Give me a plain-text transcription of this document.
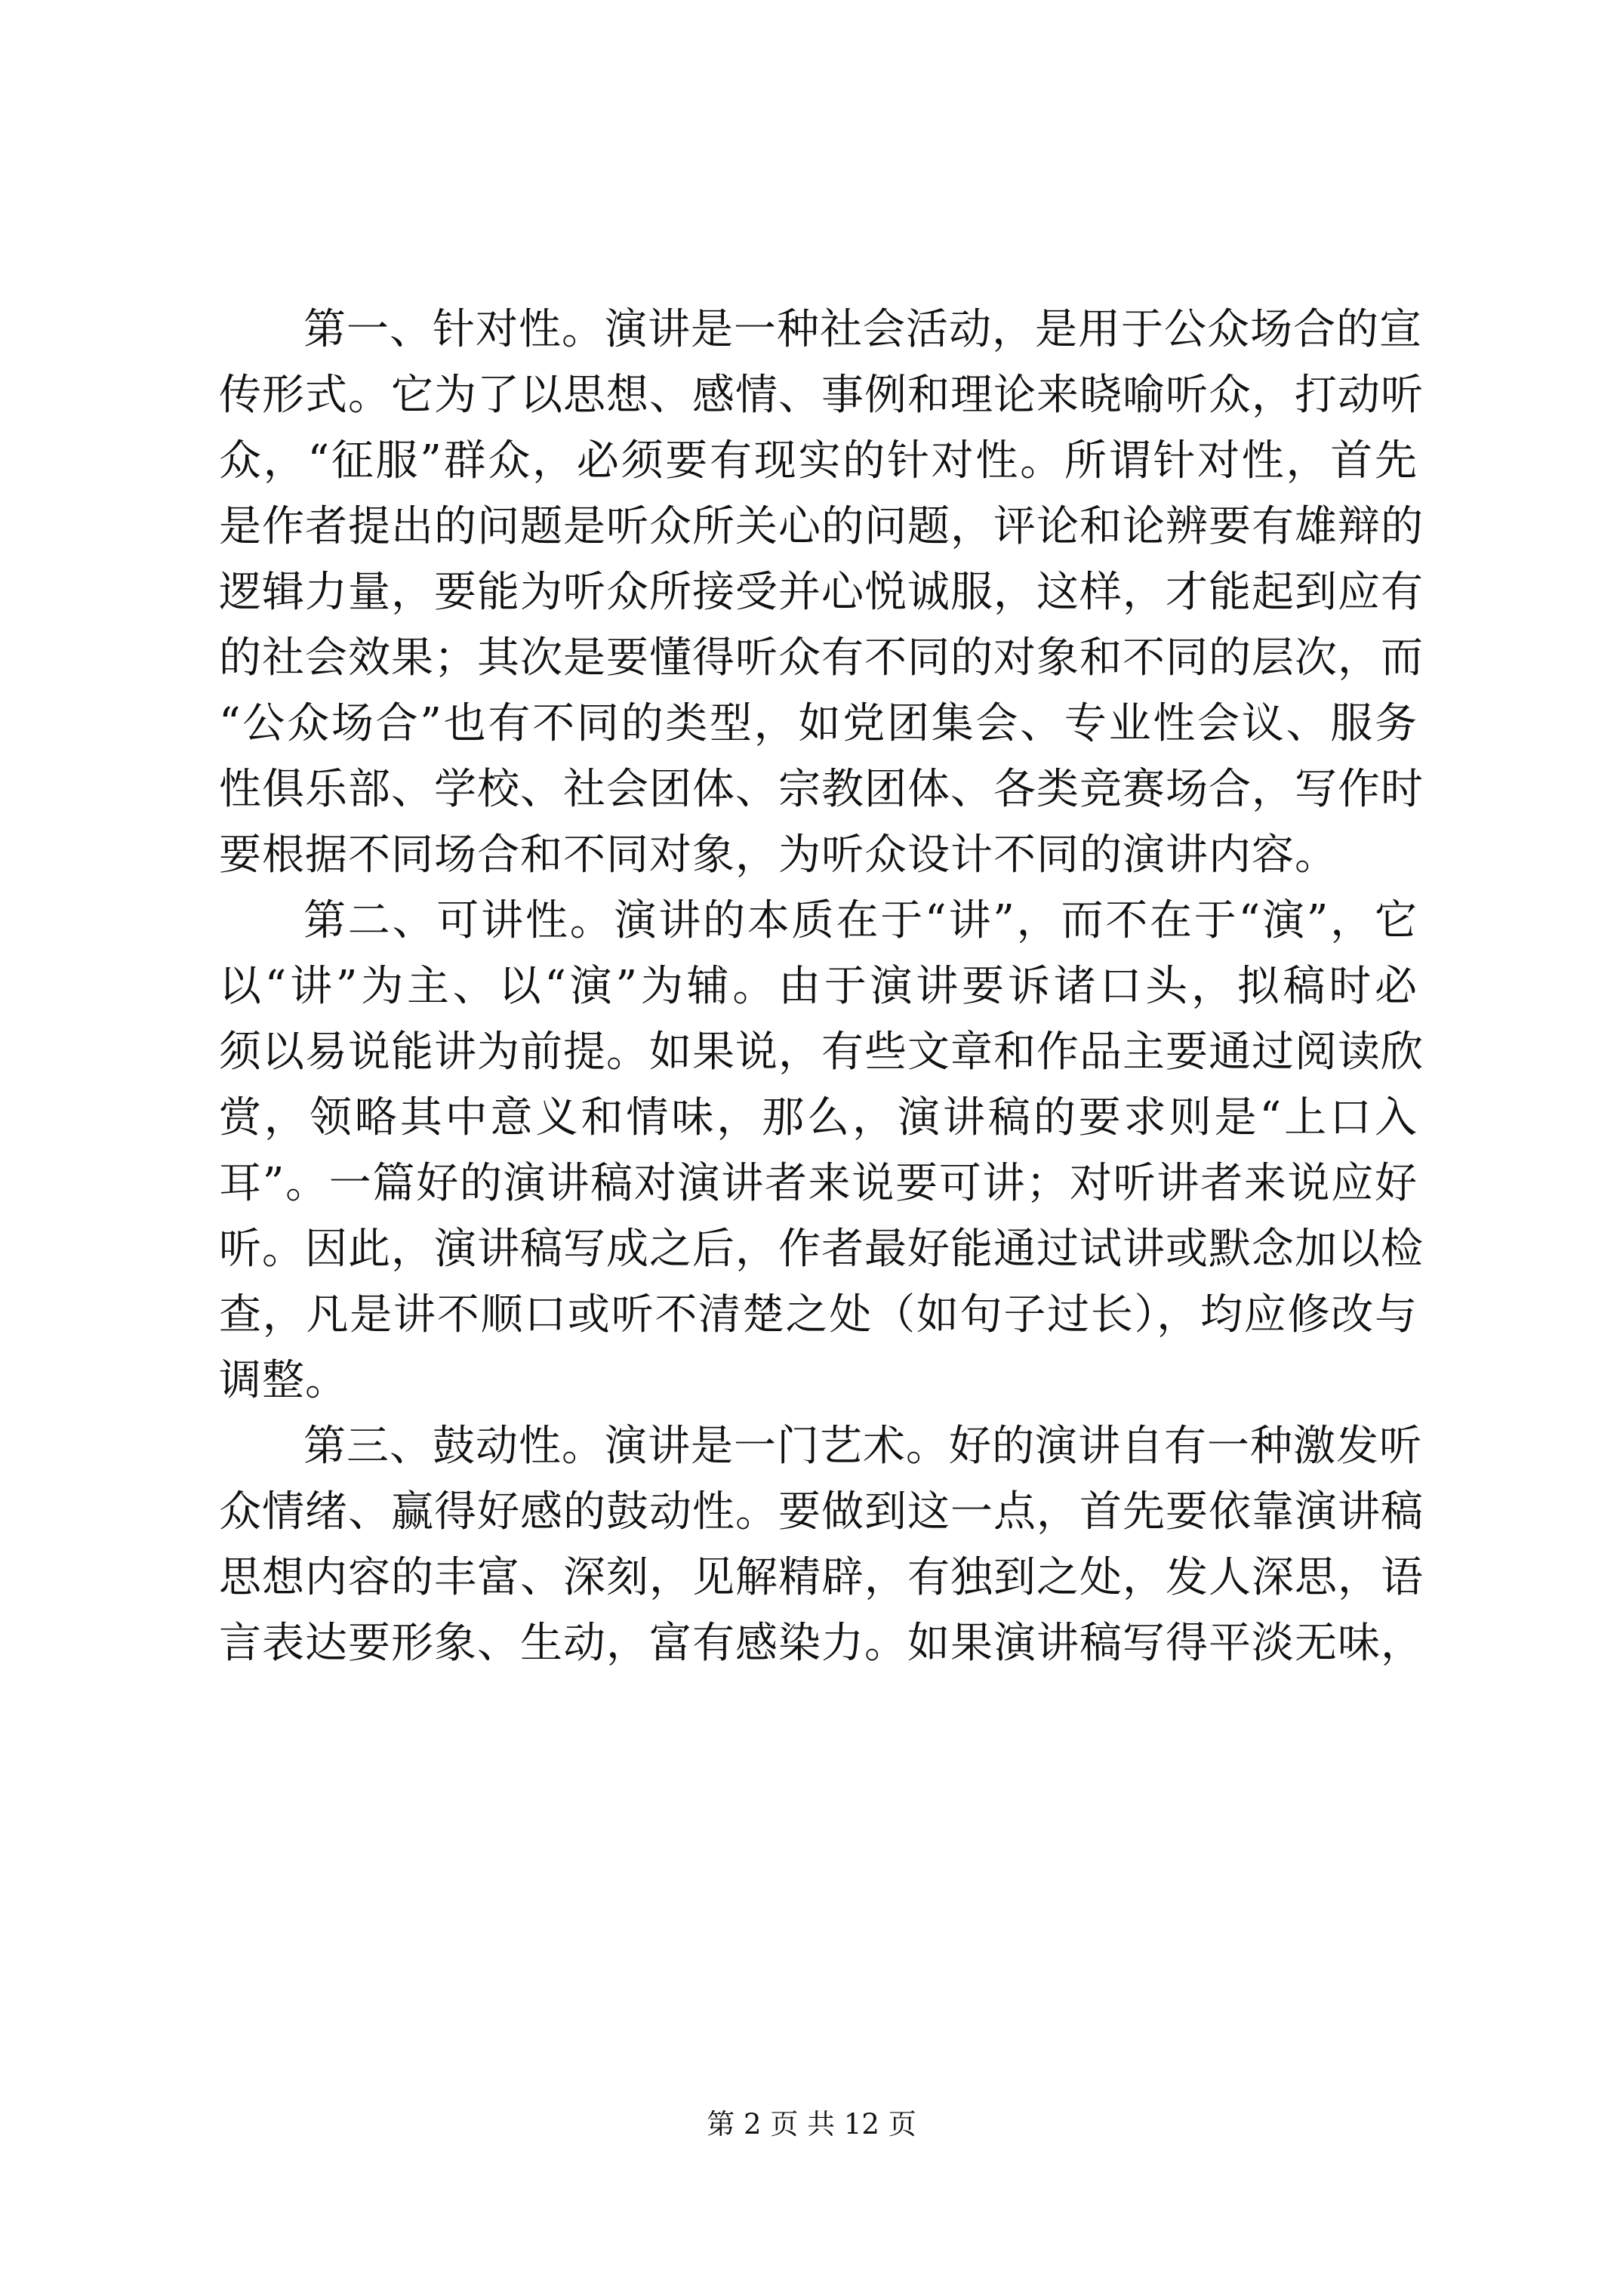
第一、针对性。演讲是一种社会活动，是用于公众场合的宣
传形式。它为了以思想、感情、事例和理论来晓喻听众，打动听
众，“征服”群众，必须要有现实的针对性。所谓针对性，首先
是作者提出的问题是听众所关心的问题，评论和论辨要有雄辩的
逻辑力量，要能为听众所接受并心悦诚服，这样，才能起到应有
的社会效果；其次是要懂得听众有不同的对象和不同的层次，而
“公众场合”也有不同的类型，如党团集会、专业性会议、服务
性俱乐部、学校、社会团体、宗教团体、各类竞赛场合，写作时
要根据不同场合和不同对象，为听众设计不同的演讲内容。
第二、可讲性。演讲的本质在于“讲”，而不在于“演”，它
以“讲”为主、以“演”为辅。由于演讲要诉诸口头，拟稿时必
须以易说能讲为前提。如果说，有些文章和作品主要通过阅读欣
赏，领略其中意义和情味，那么，演讲稿的要求则是“上口入
耳”。一篇好的演讲稿对演讲者来说要可讲；对听讲者来说应好
听。因此，演讲稿写成之后，作者最好能通过试讲或默念加以检
查，凡是讲不顺口或听不清楚之处（如句子过长），均应修改与
调整。
第三、鼓动性。演讲是一门艺术。好的演讲自有一种激发听
众情绪、赢得好感的鼓动性。要做到这一点，首先要依靠演讲稿
思想内容的丰富、深刻，见解精辟，有独到之处，发人深思，语
言表达要形象、生动，富有感染力。如果演讲稿写得平淡无味，
第 2 页 共 12 页
